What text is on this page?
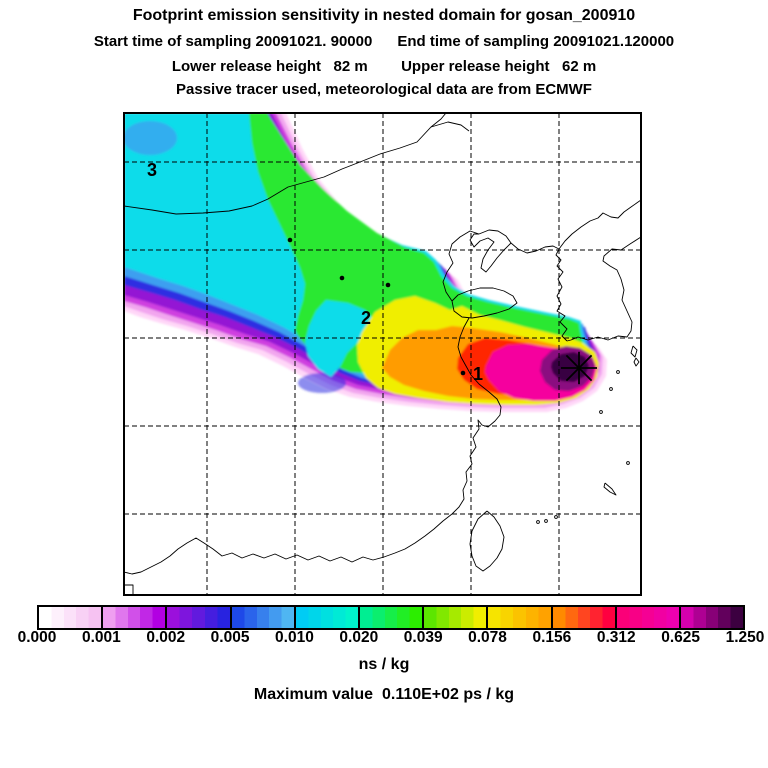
Footprint emission sensitivity in nested domain for gosan_200910
Start time of sampling 20091021. 90000 End time of sampling 20091021.120000
Lower release height   82 m Upper release height   62 m
Passive tracer used, meteorological data are from ECMWF
3
2
1
0.000 0.001 0.002 0.005 0.010 0.020 0.039 0.078 0.156 0.312 0.625 1.250
ns / kg
Maximum value  0.110E+02 ps / kg
